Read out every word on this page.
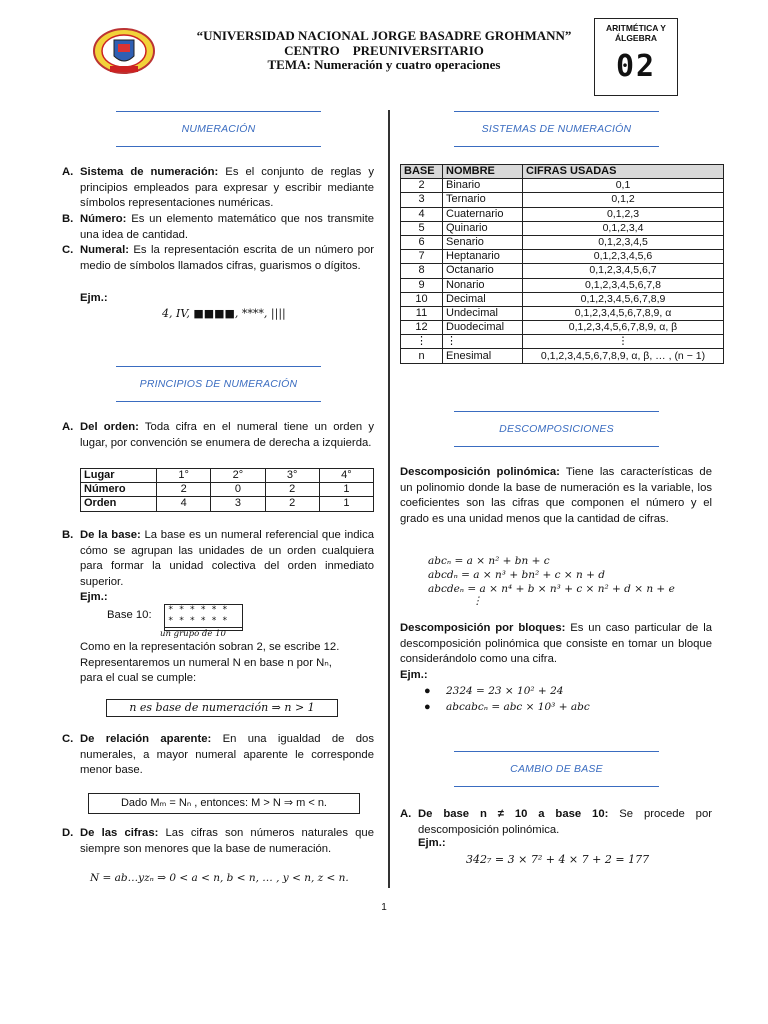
“UNIVERSIDAD NACIONAL JORGE BASADRE GROHMANN”
CENTRO    PREUNIVERSITARIO
TEMA: Numeración y cuatro operaciones
ARITMÉTICA Y ÁLGEBRA
02
NUMERACIÓN
A. Sistema de numeración: Es el conjunto de reglas y principios empleados para expresar y escribir mediante símbolos representaciones numéricas.
B. Número: Es un elemento matemático que nos transmite una idea de cantidad.
C. Numeral: Es la representación escrita de un número por medio de símbolos llamados cifras, guarismos o dígitos.
Ejm.:
4, IV, ■■■■, ****, ||||
PRINCIPIOS DE NUMERACIÓN
A. Del orden: Toda cifra en el numeral tiene un orden y lugar, por convención se enumera de derecha a izquierda.
Lugar	1°	2°	3°	4°
Número	2	0	2	1
Orden	4	3	2	1
B. De la base: La base es un numeral referencial que indica cómo se agrupan las unidades de un orden cualquiera para formar la unidad colectiva del orden inmediato superior.
Ejm.:
Base 10: * * * * * *
* * * * * *
un grupo de 10
Como en la representación sobran 2, se escribe 12.
Representaremos un numeral N en base n por Nₙ,
para el cual se cumple:
n es base de numeración ⇒ n > 1
C. De relación aparente: En una igualdad de dos numerales, a mayor numeral aparente le corresponde menor base.
Dado Mₘ = Nₙ , entonces: M > N ⇒ m < n.
D. De las cifras: Las cifras son números naturales que siempre son menores que la base de numeración.
N = ab…yzₙ ⇒ 0 < a < n, b < n, … , y < n, z < n.
SISTEMAS DE NUMERACIÓN
BASE	NOMBRE	CIFRAS USADAS
2	Binario	0,1
3	Ternario	0,1,2
4	Cuaternario	0,1,2,3
5	Quinario	0,1,2,3,4
6	Senario	0,1,2,3,4,5
7	Heptanario	0,1,2,3,4,5,6
8	Octanario	0,1,2,3,4,5,6,7
9	Nonario	0,1,2,3,4,5,6,7,8
10	Decimal	0,1,2,3,4,5,6,7,8,9
11	Undecimal	0,1,2,3,4,5,6,7,8,9, α
12	Duodecimal	0,1,2,3,4,5,6,7,8,9, α, β
⋮	⋮	⋮
n	Enesimal	0,1,2,3,4,5,6,7,8,9, α, β, … , (n − 1)
DESCOMPOSICIONES
Descomposición polinómica: Tiene las características de un polinomio donde la base de numeración es la variable, los coeficientes son las cifras que componen el número y el grado es una unidad menos que la cantidad de cifras.
abcₙ = a × n² + bn + c
abcdₙ = a × n³ + bn² + c × n + d
abcdeₙ = a × n⁴ + b × n³ + c × n² + d × n + e
⋮
Descomposición por bloques: Es un caso particular de la descomposición polinómica que consiste en tomar un bloque considerándolo como una cifra.
Ejm.:
● 2324 = 23 × 10² + 24
● abcabcₙ = abc × 10³ + abc
CAMBIO DE BASE
A. De base n ≠ 10 a base 10: Se procede por descomposición polinómica.
Ejm.:
342₇ = 3 × 7² + 4 × 7 + 2 = 177
1
